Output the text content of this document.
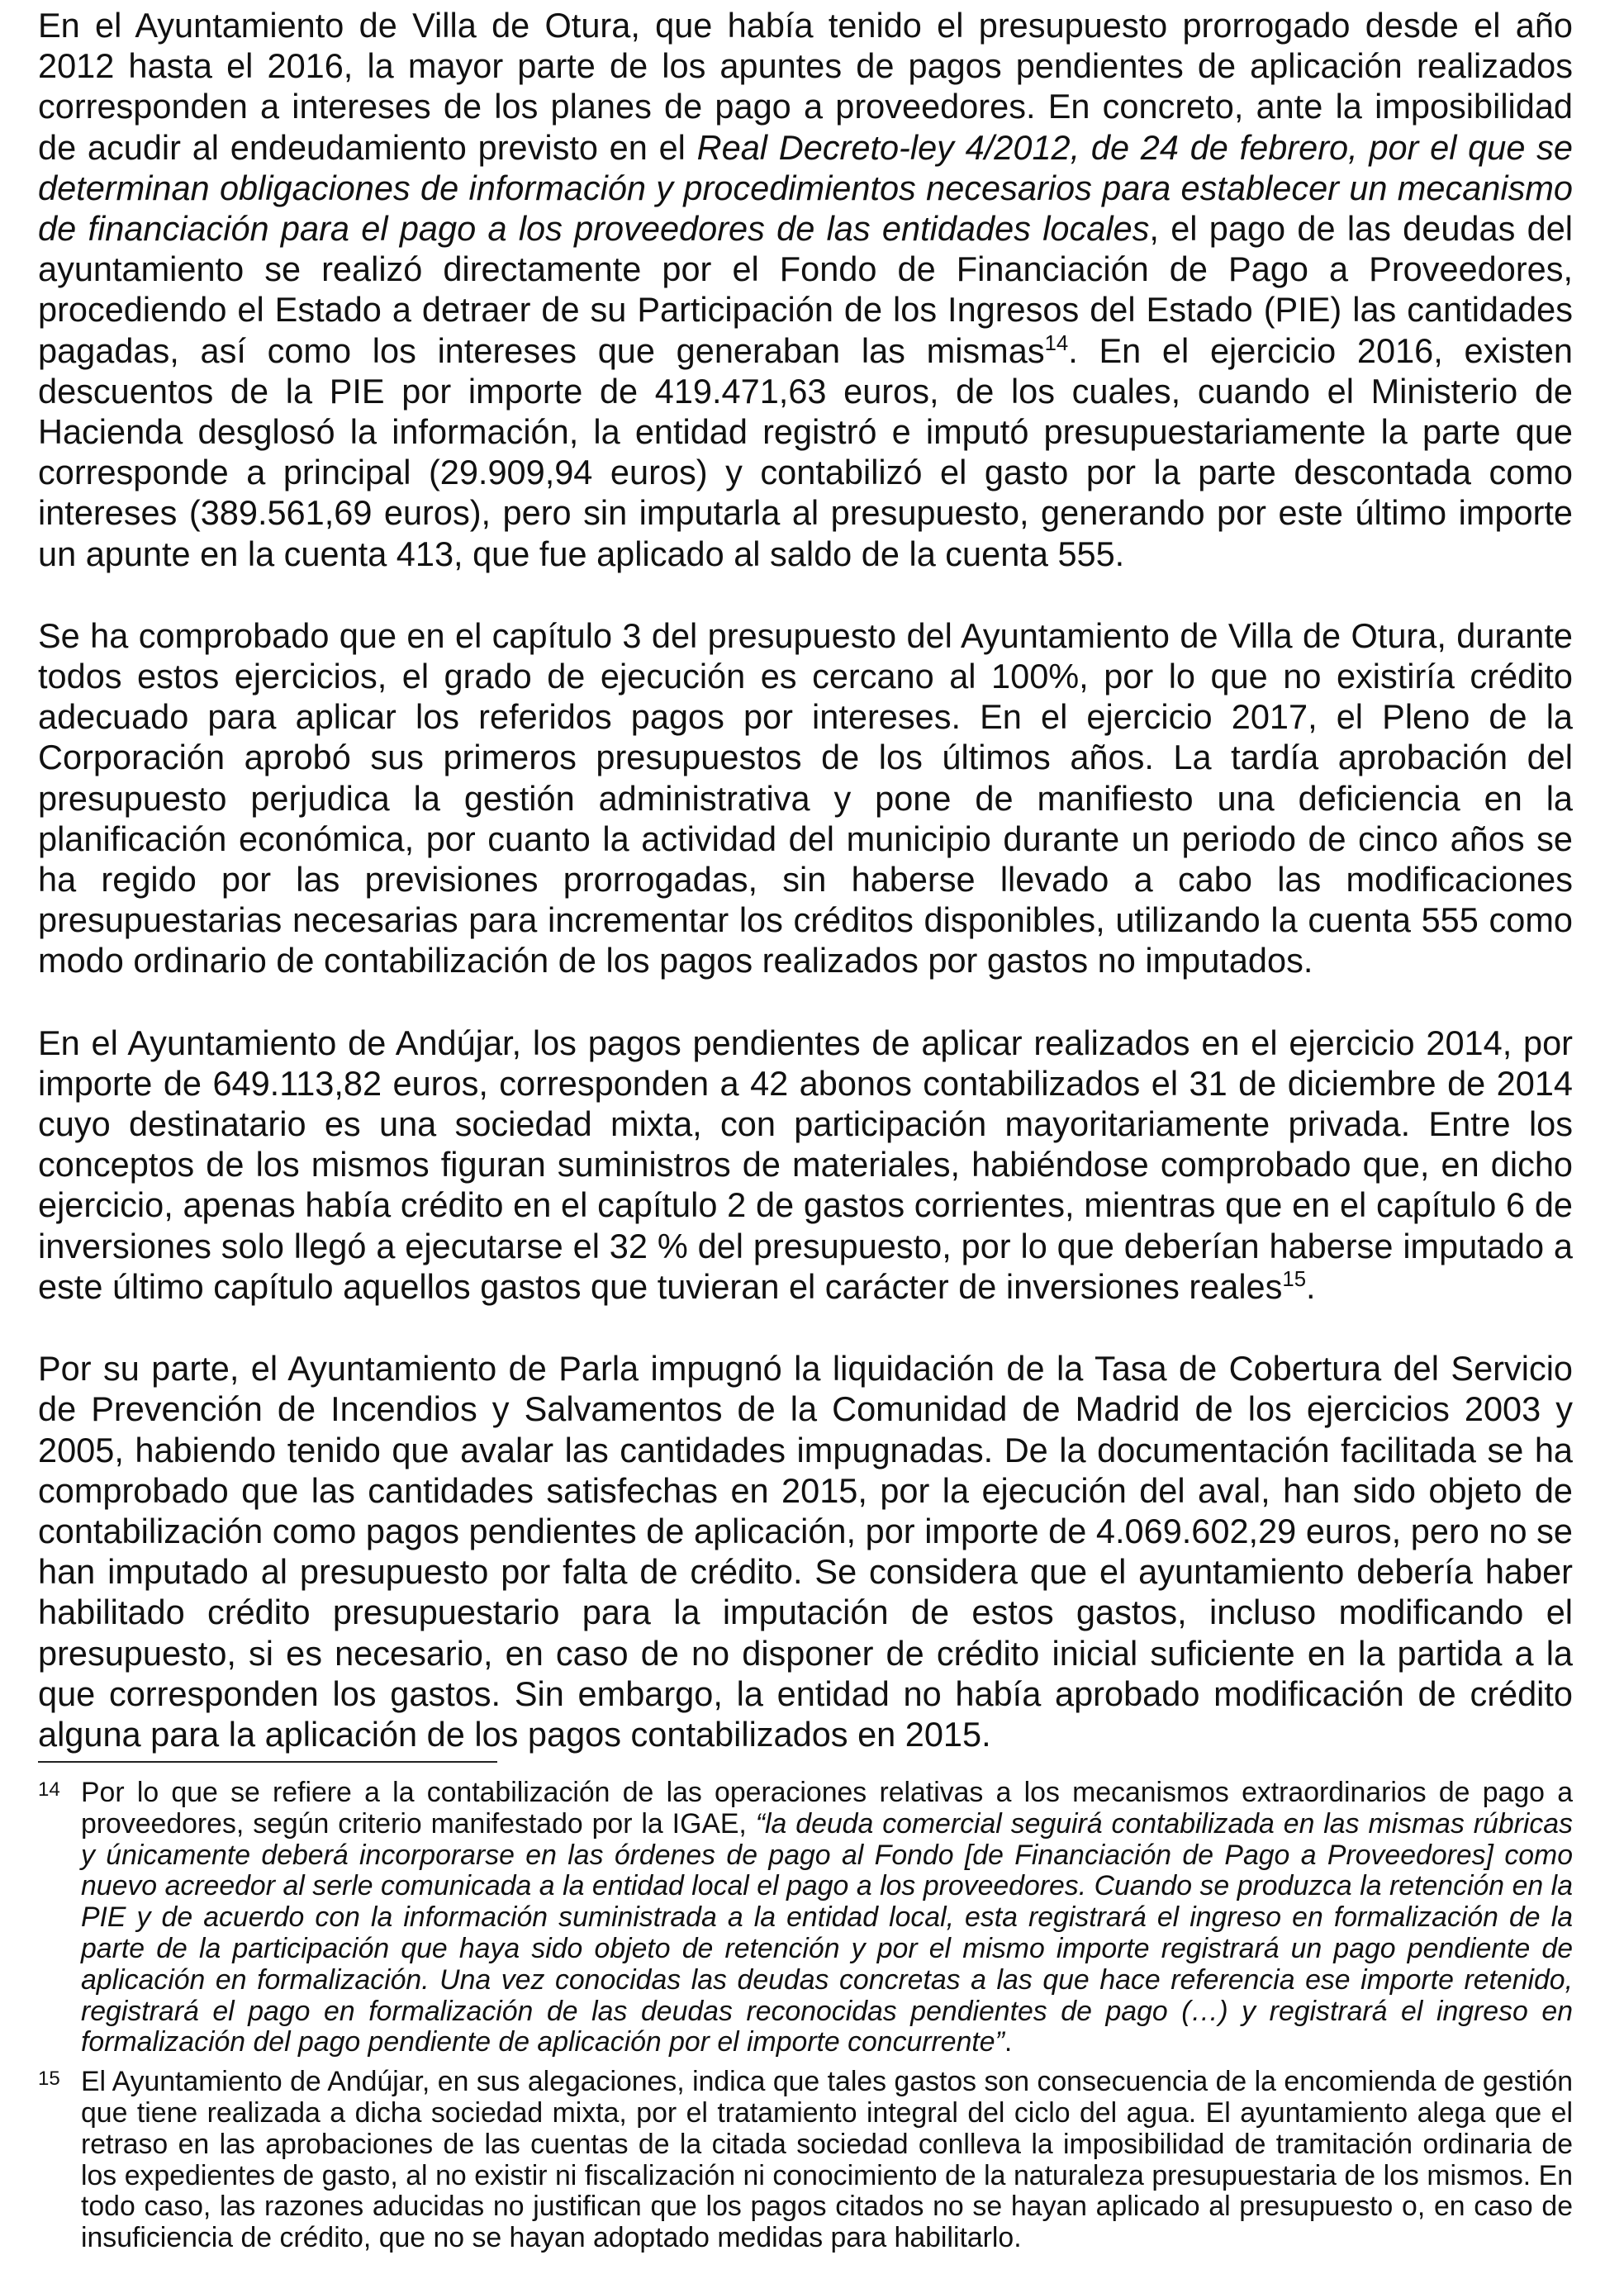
En el Ayuntamiento de Villa de Otura, que había tenido el presupuesto prorrogado desde el año 2012 hasta el 2016, la mayor parte de los apuntes de pagos pendientes de aplicación realizados corresponden a intereses de los planes de pago a proveedores. En concreto, ante la imposibilidad de acudir al endeudamiento previsto en el Real Decreto-ley 4/2012, de 24 de febrero, por el que se determinan obligaciones de información y procedimientos necesarios para establecer un mecanismo de financiación para el pago a los proveedores de las entidades locales, el pago de las deudas del ayuntamiento se realizó directamente por el Fondo de Financiación de Pago a Proveedores, procediendo el Estado a detraer de su Participación de los Ingresos del Estado (PIE) las cantidades pagadas, así como los intereses que generaban las mismas$^{14}$. En el ejercicio 2016, existen descuentos de la PIE por importe de 419.471,63 euros, de los cuales, cuando el Ministerio de Hacienda desglosó la información, la entidad registró e imputó presupuestariamente la parte que corresponde a principal (29.909,94 euros) y contabilizó el gasto por la parte descontada como intereses (389.561,69 euros), pero sin imputarla al presupuesto, generando por este último importe un apunte en la cuenta 413, que fue aplicado al saldo de la cuenta 555.

Se ha comprobado que en el capítulo 3 del presupuesto del Ayuntamiento de Villa de Otura, durante todos estos ejercicios, el grado de ejecución es cercano al 100%, por lo que no existiría crédito adecuado para aplicar los referidos pagos por intereses. En el ejercicio 2017, el Pleno de la Corporación aprobó sus primeros presupuestos de los últimos años. La tardía aprobación del presupuesto perjudica la gestión administrativa y pone de manifiesto una deficiencia en la planificación económica, por cuanto la actividad del municipio durante un periodo de cinco años se ha regido por las previsiones prorrogadas, sin haberse llevado a cabo las modificaciones presupuestarias necesarias para incrementar los créditos disponibles, utilizando la cuenta 555 como modo ordinario de contabilización de los pagos realizados por gastos no imputados.

En el Ayuntamiento de Andújar, los pagos pendientes de aplicar realizados en el ejercicio 2014, por importe de 649.113,82 euros, corresponden a 42 abonos contabilizados el 31 de diciembre de 2014 cuyo destinatario es una sociedad mixta, con participación mayoritariamente privada. Entre los conceptos de los mismos figuran suministros de materiales, habiéndose comprobado que, en dicho ejercicio, apenas había crédito en el capítulo 2 de gastos corrientes, mientras que en el capítulo 6 de inversiones solo llegó a ejecutarse el 32 % del presupuesto, por lo que deberían haberse imputado a este último capítulo aquellos gastos que tuvieran el carácter de inversiones reales$^{15}$.

Por su parte, el Ayuntamiento de Parla impugnó la liquidación de la Tasa de Cobertura del Servicio de Prevención de Incendios y Salvamentos de la Comunidad de Madrid de los ejercicios 2003 y 2005, habiendo tenido que avalar las cantidades impugnadas. De la documentación facilitada se ha comprobado que las cantidades satisfechas en 2015, por la ejecución del aval, han sido objeto de contabilización como pagos pendientes de aplicación, por importe de 4.069.602,29 euros, pero no se han imputado al presupuesto por falta de crédito. Se considera que el ayuntamiento debería haber habilitado crédito presupuestario para la imputación de estos gastos, incluso modificando el presupuesto, si es necesario, en caso de no disponer de crédito inicial suficiente en la partida a la que corresponden los gastos. Sin embargo, la entidad no había aprobado modificación de crédito alguna para la aplicación de los pagos contabilizados en 2015.

14 Por lo que se refiere a la contabilización de las operaciones relativas a los mecanismos extraordinarios de pago a proveedores, según criterio manifestado por la IGAE, “la deuda comercial seguirá contabilizada en las mismas rúbricas y únicamente deberá incorporarse en las órdenes de pago al Fondo [de Financiación de Pago a Proveedores] como nuevo acreedor al serle comunicada a la entidad local el pago a los proveedores. Cuando se produzca la retención en la PIE y de acuerdo con la información suministrada a la entidad local, esta registrará el ingreso en formalización de la parte de la participación que haya sido objeto de retención y por el mismo importe registrará un pago pendiente de aplicación en formalización. Una vez conocidas las deudas concretas a las que hace referencia ese importe retenido, registrará el pago en formalización de las deudas reconocidas pendientes de pago (…) y registrará el ingreso en formalización del pago pendiente de aplicación por el importe concurrente”.
15 El Ayuntamiento de Andújar, en sus alegaciones, indica que tales gastos son consecuencia de la encomienda de gestión que tiene realizada a dicha sociedad mixta, por el tratamiento integral del ciclo del agua. El ayuntamiento alega que el retraso en las aprobaciones de las cuentas de la citada sociedad conlleva la imposibilidad de tramitación ordinaria de los expedientes de gasto, al no existir ni fiscalización ni conocimiento de la naturaleza presupuestaria de los mismos. En todo caso, las razones aducidas no justifican que los pagos citados no se hayan aplicado al presupuesto o, en caso de insuficiencia de crédito, que no se hayan adoptado medidas para habilitarlo.
